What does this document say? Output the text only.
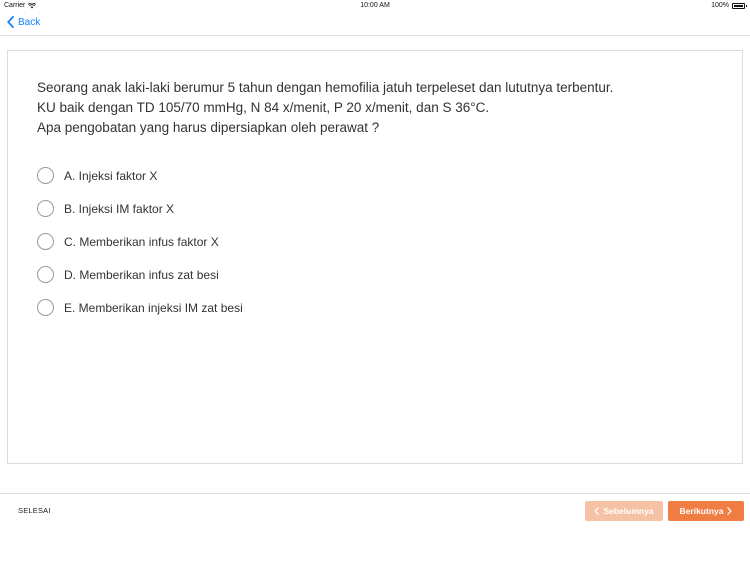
Carrier	10:00 AM	100%
Back

Seorang anak laki-laki berumur 5 tahun dengan hemofilia jatuh terpeleset dan lututnya terbentur.

KU baik dengan TD 105/70 mmHg, N 84 x/menit, P 20 x/menit, dan S 36°C.

Apa pengobatan yang harus dipersiapkan oleh perawat ?

A. Injeksi faktor X
B. Injeksi IM faktor X
C. Memberikan infus faktor X
D. Memberikan infus zat besi
E. Memberikan injeksi IM zat besi
SELESAI	Sebelumnya	Berikutnya
